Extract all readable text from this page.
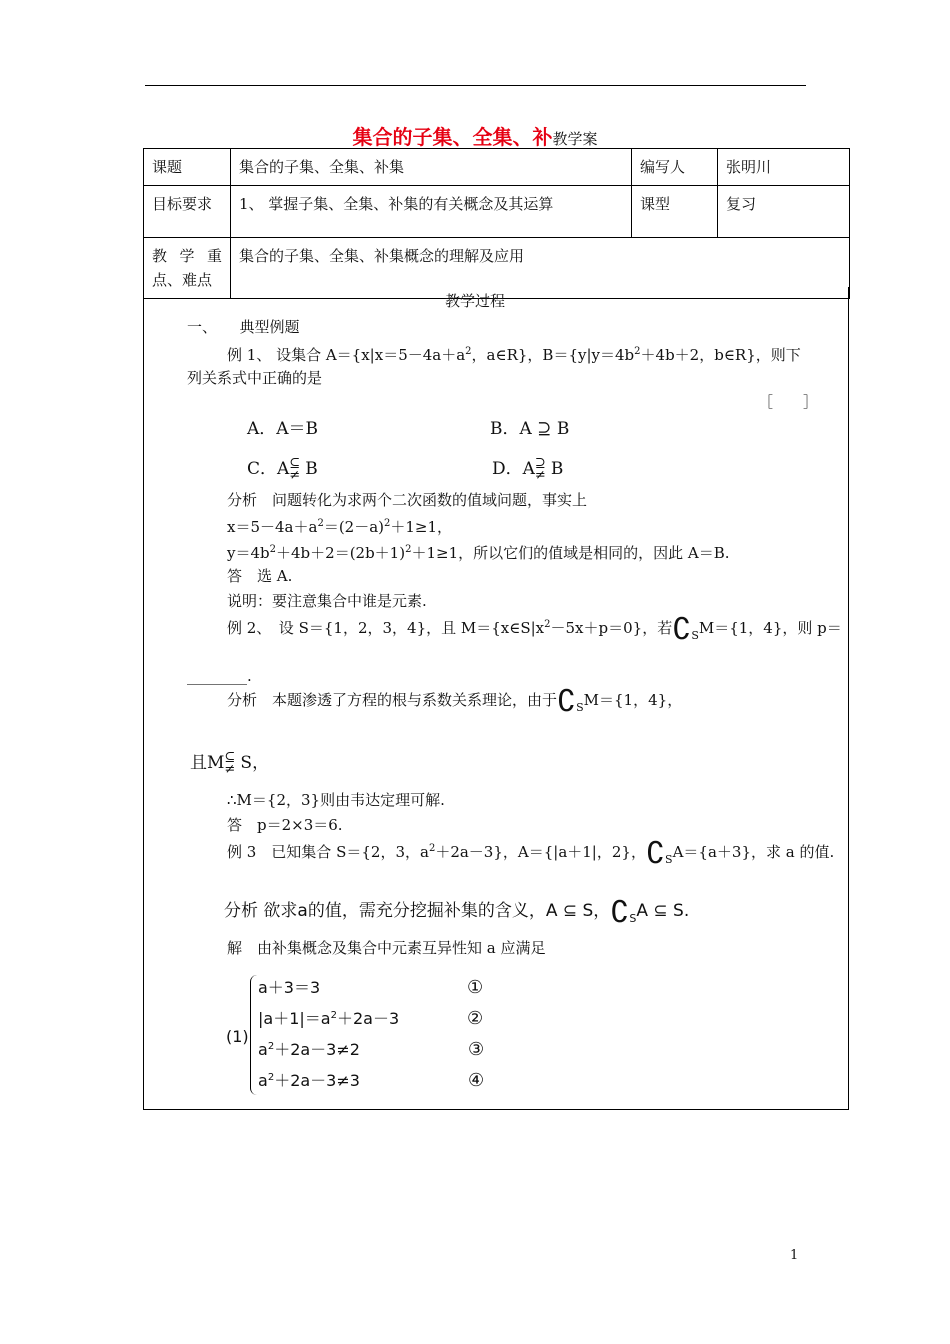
集合的子集、全集、补教学案
课题	集合的子集、全集、补集	编写人	张明川
目标要求	1、 掌握子集、全集、补集的有关概念及其运算	课型	复习
教 学 重 点、难点	集合的子集、全集、补集概念的理解及应用		
教学过程
一、　　典型例题
例 1、 设集合 $A=\{x|x=5-4a+a^2$，a∈R}，$B=\{y|y=4b^2+4b+2$，b∈R}，则下
列关系式中正确的是
［　　］
A．A＝B	B．A ⊇ B
C．A ⊆
≠ B	D．A ⊇
≠ B
分析　问题转化为求两个二次函数的值域问题，事实上
$x=5-4a+a^2=(2-a)^2+1\ge 1$，
$y=4b^2+4b+2=(2b+1)^2+1\ge 1$，所以它们的值域是相同的，因此 A＝B.
答　选 A.
说明：要注意集合中谁是元素.
例 2、　设 S＝{1，2，3，4}，且 $M=\{x\in S|x^2-5x+p=0\}$，若$∁_SM=\{1$，4}，则 p＝
________.
分析　本题渗透了方程的根与系数关系理论，由于$∁_SM=\{1$，4}，
且M ⊆
≠ S，
∴M＝{2，3}则由韦达定理可解.
答　p＝2×3＝6.
例 3　已知集合 S＝{2，3，$a^2+2a-3$}，A＝{|a＋1|，2}，$∁_SA=\{a+3\}$，求 a 的值.
分析 欲求a的值，需充分挖掘补集的含义，A ⊆ S，$∁_SA$ ⊆ S.
解　由补集概念及集合中元素互异性知 a 应满足
(1)
a＋3＝3
$|a+1|=a^2+2a-3$
$a^2+2a-3\ne 2$
$a^2+2a-3\ne 3$
①
②
③
④
1
